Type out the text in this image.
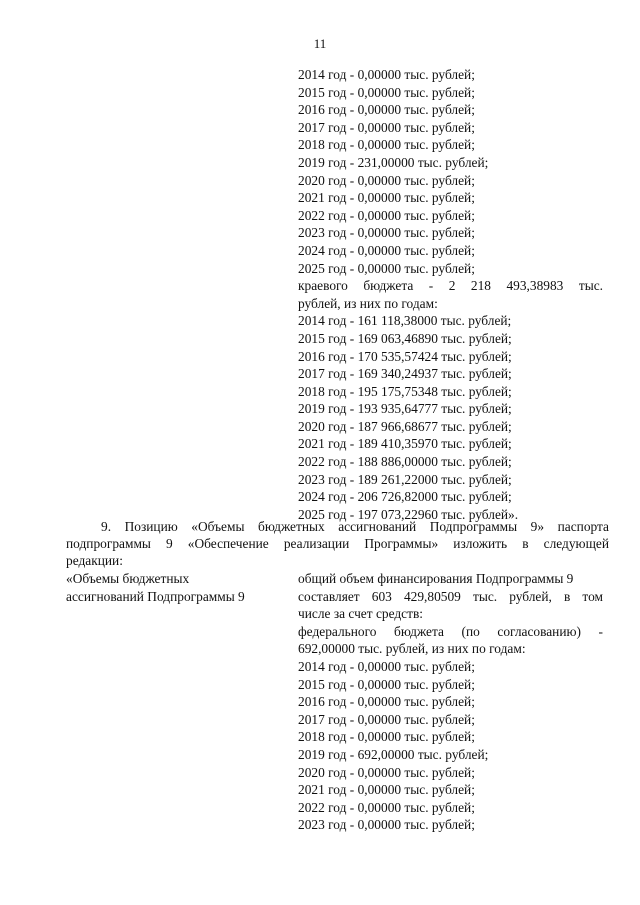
11
2014 год - 0,00000 тыс. рублей;
2015 год - 0,00000 тыс. рублей;
2016 год - 0,00000 тыс. рублей;
2017 год - 0,00000 тыс. рублей;
2018 год - 0,00000 тыс. рублей;
2019 год - 231,00000 тыс. рублей;
2020 год - 0,00000 тыс. рублей;
2021 год - 0,00000 тыс. рублей;
2022 год - 0,00000 тыс. рублей;
2023 год - 0,00000 тыс. рублей;
2024 год - 0,00000 тыс. рублей;
2025 год - 0,00000 тыс. рублей;
краевого бюджета - 2 218 493,38983 тыс.
рублей, из них по годам:
2014 год - 161 118,38000 тыс. рублей;
2015 год - 169 063,46890 тыс. рублей;
2016 год - 170 535,57424 тыс. рублей;
2017 год - 169 340,24937 тыс. рублей;
2018 год - 195 175,75348 тыс. рублей;
2019 год - 193 935,64777 тыс. рублей;
2020 год - 187 966,68677 тыс. рублей;
2021 год - 189 410,35970 тыс. рублей;
2022 год - 188 886,00000 тыс. рублей;
2023 год - 189 261,22000 тыс. рублей;
2024 год - 206 726,82000 тыс. рублей;
2025 год - 197 073,22960 тыс. рублей».
9. Позицию «Объемы бюджетных ассигнований Подпрограммы 9» паспорта
подпрограммы 9 «Обеспечение реализации Программы» изложить в следующей
редакции:
«Объемы бюджетных
ассигнований Подпрограммы 9
общий объем финансирования Подпрограммы 9
составляет 603 429,80509 тыс. рублей, в том
числе за счет средств:
федерального бюджета (по согласованию) -
692,00000 тыс. рублей, из них по годам:
2014 год - 0,00000 тыс. рублей;
2015 год - 0,00000 тыс. рублей;
2016 год - 0,00000 тыс. рублей;
2017 год - 0,00000 тыс. рублей;
2018 год - 0,00000 тыс. рублей;
2019 год - 692,00000 тыс. рублей;
2020 год - 0,00000 тыс. рублей;
2021 год - 0,00000 тыс. рублей;
2022 год - 0,00000 тыс. рублей;
2023 год - 0,00000 тыс. рублей;
